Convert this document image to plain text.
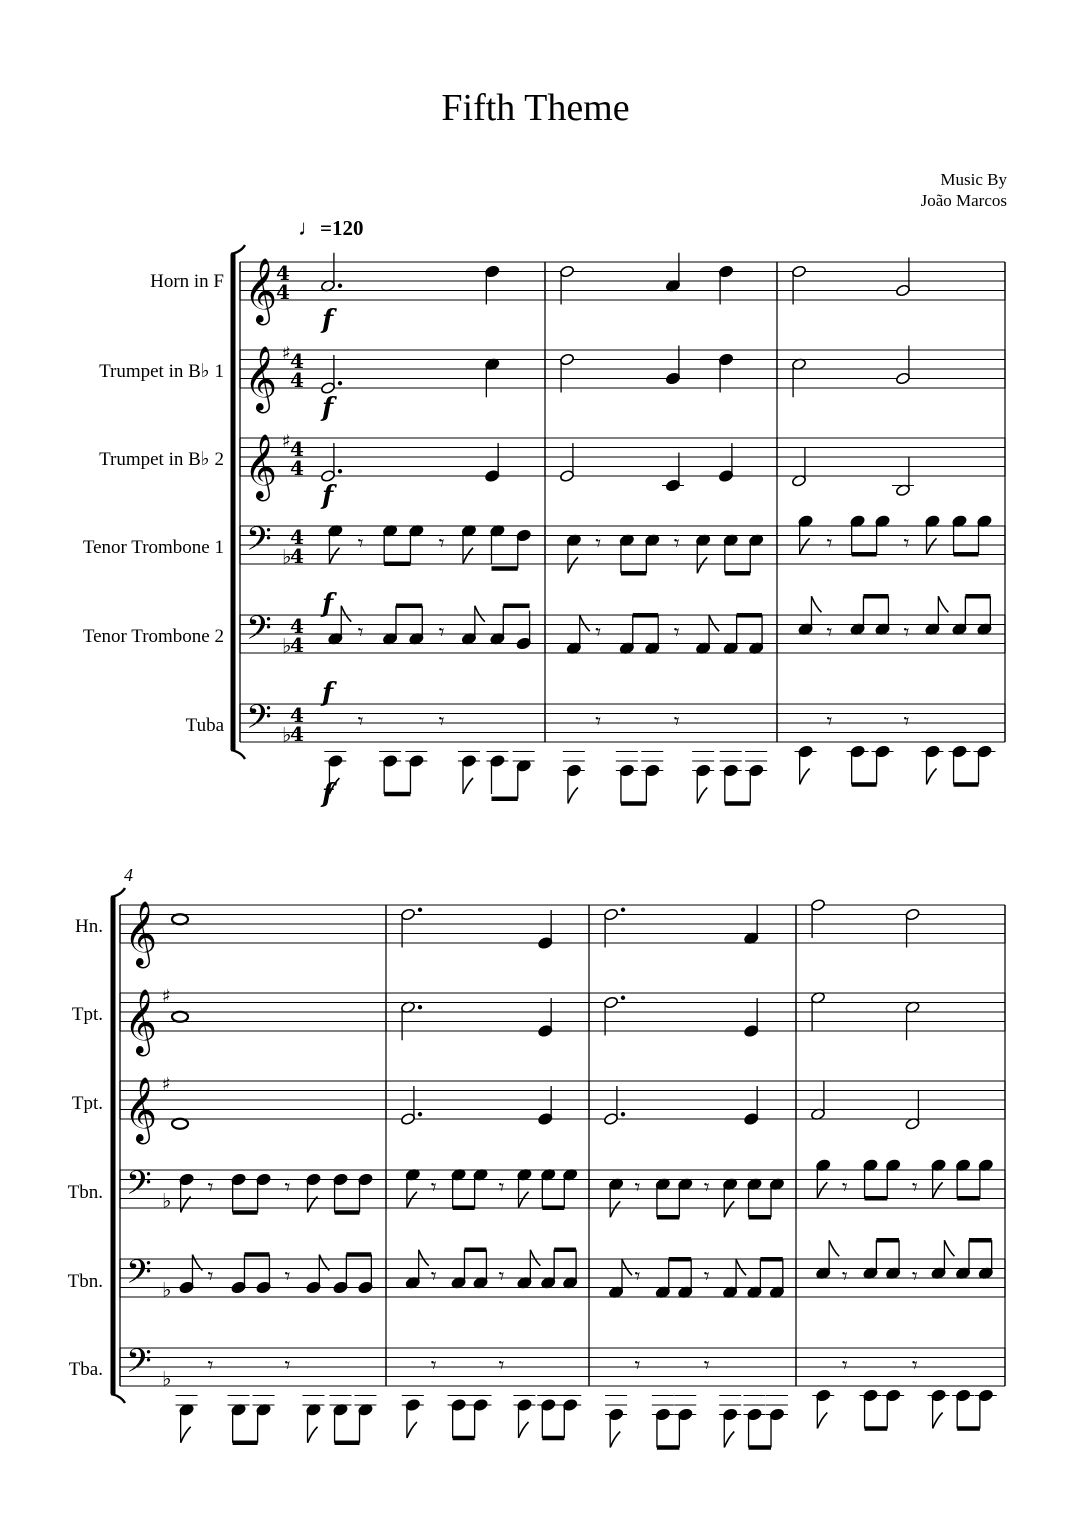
Fifth Theme
Music By
João Marcos
♩=120
Horn in F
Trumpet in B♭ 1
Trumpet in B♭ 2
Tenor Trombone 1
Tenor Trombone 2
Tuba
Hn.
Tpt.
Tpt.
Tbn.
Tbn.
Tba.
𝄞
4
4
f
𝄞 ♯ 4
4
f
𝄞 ♯ 4
4
f
𝄢 ♭
4
4
f
𝄢 ♭
4
4
f
𝄢 ♭
4
4
f
𝄾	𝄾
𝄾	𝄾
𝄾	𝄾
𝄾	𝄾
𝄾	𝄾
𝄾	𝄾
𝄾	𝄾
𝄾	𝄾
𝄾	𝄾
4
𝄞
𝄞 ♯
𝄞 ♯
𝄢 ♭
𝄢 ♭
𝄢 ♭
𝄾	𝄾
𝄾	𝄾
𝄾	𝄾
𝄾	𝄾
𝄾	𝄾
𝄾	𝄾
𝄾	𝄾
𝄾	𝄾
𝄾	𝄾
𝄾	𝄾
𝄾	𝄾
𝄾	𝄾
